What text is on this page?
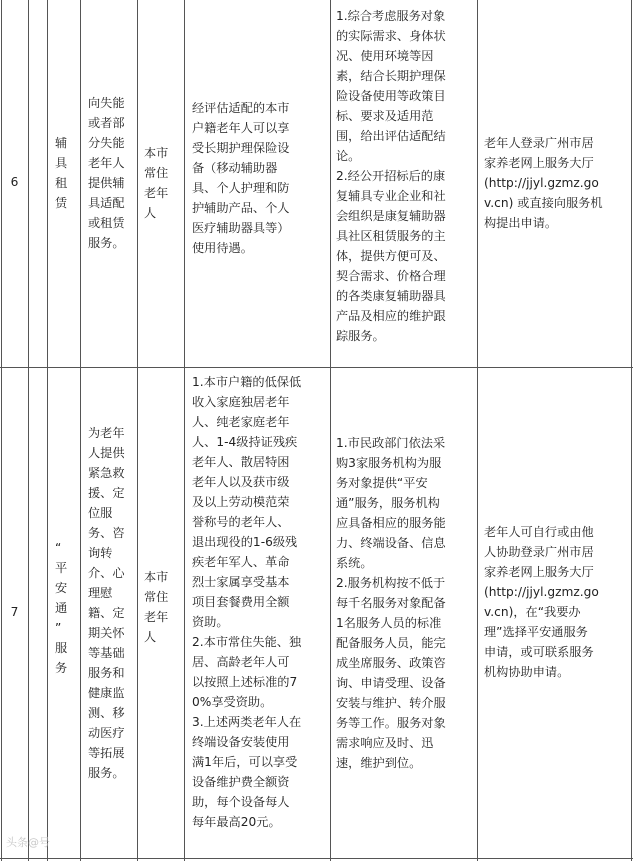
6
辅
具
租
赁
向失能
或者部
分失能
老年人
提供辅
具适配
或租赁
服务。
本市
常住
老年
人
经评估适配的本市
户籍老年人可以享
受长期护理保险设
备（移动辅助器
具、个人护理和防
护辅助产品、个人
医疗辅助器具等）
使用待遇。
1.综合考虑服务对象
的实际需求、身体状
况、使用环境等因
素，结合长期护理保
险设备使用等政策目
标、要求及适用范
围，给出评估适配结
论。
2.经公开招标后的康
复辅具专业企业和社
会组织是康复辅助器
具社区租赁服务的主
体，提供方便可及、
契合需求、价格合理
的各类康复辅助器具
产品及相应的维护跟
踪服务。
老年人登录广州市居
家养老网上服务大厅
(http://jjyl.gzmz.go
v.cn) 或直接向服务机
构提出申请。
7
“
平
安
通
”
服
务
为老年
人提供
紧急救
援、定
位服
务、咨
询转
介、心
理慰
籍、定
期关怀
等基础
服务和
健康监
测、移
动医疗
等拓展
服务。
本市
常住
老年
人
1.本市户籍的低保低
收入家庭独居老年
人、纯老家庭老年
人、1-4级持证残疾
老年人、散居特困
老年人以及获市级
及以上劳动模范荣
誉称号的老年人、
退出现役的1-6级残
疾老年军人、革命
烈士家属享受基本
项目套餐费用全额
资助。
2.本市常住失能、独
居、高龄老年人可
以按照上述标准的7
0%享受资助。
3.上述两类老年人在
终端设备安装使用
满1年后，可以享受
设备维护费全额资
助，每个设备每人
每年最高20元。
1.市民政部门依法采
购3家服务机构为服
务对象提供“平安
通”服务，服务机构
应具备相应的服务能
力、终端设备、信息
系统。
2.服务机构按不低于
每千名服务对象配备
1名服务人员的标准
配备服务人员，能完
成坐席服务、政策咨
询、申请受理、设备
安装与维护、转介服
务等工作。服务对象
需求响应及时、迅
速，维护到位。
老年人可自行或由他
人协助登录广州市居
家养老网上服务大厅
(http://jjyl.gzmz.go
v.cn)，在“我要办
理”选择平安通服务
申请，或可联系服务
机构协助申请。
头条@号
